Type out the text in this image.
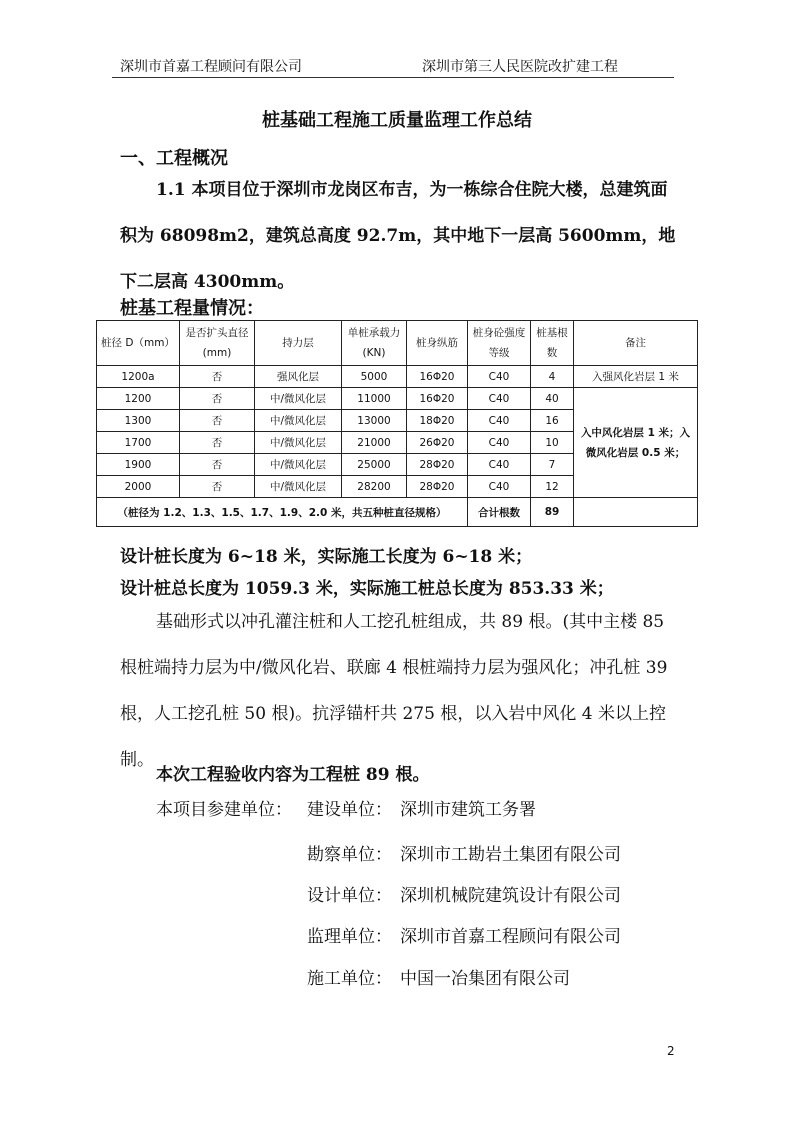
深圳市首嘉工程顾问有限公司	深圳市第三人民医院改扩建工程
桩基础工程施工质量监理工作总结
一、工程概况
1.1 本项目位于深圳市龙岗区布吉，为一栋综合住院大楼，总建筑面积为 68098m2，建筑总高度 92.7m，其中地下一层高 5600mm，地下二层高 4300mm。
桩基工程量情况：
桩径 D（mm）	是否扩头直径(mm)	持力层	单桩承载力 (KN)	桩身纵筋	桩身砼强度等级	桩基根数	备注
1200a	否	强风化层	5000	16Φ20	C40	4	入强风化岩层 1 米
1200	否	中/微风化层	11000	16Φ20	C40	40	入中风化岩层 1 米；入微风化岩层 0.5 米；
1300	否	中/微风化层	13000	18Φ20	C40	16	
1700	否	中/微风化层	21000	26Φ20	C40	10	
1900	否	中/微风化层	25000	28Φ20	C40	7	
2000	否	中/微风化层	28200	28Φ20	C40	12	
（桩径为 1.2、1.3、1.5、1.7、1.9、2.0 米，共五种桩直径规格）					合计根数	89	
设计桩长度为 6~18 米，实际施工长度为 6~18 米；
设计桩总长度为 1059.3 米，实际施工桩总长度为 853.33 米；
基础形式以冲孔灌注桩和人工挖孔桩组成，共 89 根。(其中主楼 85 根桩端持力层为中/微风化岩、联廊 4 根桩端持力层为强风化；冲孔桩 39 根，人工挖孔桩 50 根)。抗浮锚杆共 275 根，以入岩中风化 4 米以上控制。
本次工程验收内容为工程桩 89 根。
本项目参建单位： 建设单位： 深圳市建筑工务署
勘察单位： 深圳市工勘岩土集团有限公司
设计单位： 深圳机械院建筑设计有限公司
监理单位： 深圳市首嘉工程顾问有限公司
施工单位： 中国一冶集团有限公司
2
